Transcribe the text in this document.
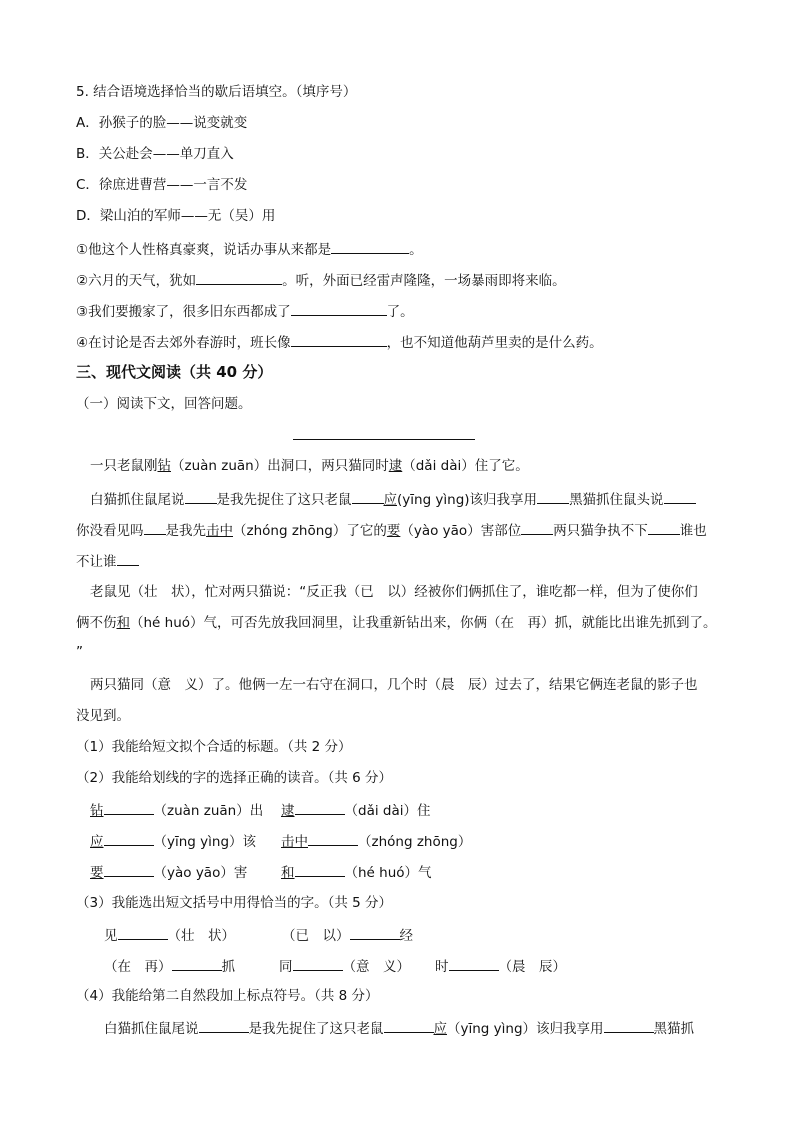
5. 结合语境选择恰当的歇后语填空。（填序号）
A．孙猴子的脸——说变就变
B．关公赴会——单刀直入
C．徐庶进曹营——一言不发
D．梁山泊的军师——无（吴）用
①他这个人性格真豪爽，说话办事从来都是	。
②六月的天气，犹如	。听，外面已经雷声隆隆，一场暴雨即将来临。
③我们要搬家了，很多旧东西都成了	了。
④在讨论是否去郊外春游时，班长像	，也不知道他葫芦里卖的是什么药。
三、现代文阅读（共 40 分）
（一）阅读下文，回答问题。
一只老鼠刚钻（zuàn zuān）出洞口，两只猫同时逮（dǎi dài）住了它。
白猫抓住鼠尾说 是我先捉住了这只老鼠 应(yīng yìng)该归我享用 黑猫抓住鼠头说
你没看见吗 是我先击中（zhóng zhōng）了它的要（yào yāo）害部位 两只猫争执不下 谁也
不让谁
老鼠见（壮　状），忙对两只猫说：“反正我（已　以）经被你们俩抓住了，谁吃都一样，但为了使你们
俩不伤和（hé huó）气，可否先放我回洞里，让我重新钻出来，你俩（在　再）抓，就能比出谁先抓到了。
”
两只猫同（意　义）了。他俩一左一右守在洞口，几个时（晨　辰）过去了，结果它俩连老鼠的影子也
没见到。
（1）我能给短文拟个合适的标题。（共 2 分）
（2）我能给划线的字的选择正确的读音。（共 6 分）
钻	（zuàn zuān）出 逮	（dǎi dài）住
应	（yīng yìng）该 击中	（zhóng zhōng）
要	（yào yāo）害 和	（hé huó）气
（3）我能选出短文括号中用得恰当的字。（共 5 分）
见	（壮　状）	（已　以）	经
（在　再）	抓	同	（意　义） 时	（晨　辰）
（4）我能给第二自然段加上标点符号。（共 8 分）
白猫抓住鼠尾说	是我先捉住了这只老鼠	应（yīng yìng）该归我享用	黑猫抓
